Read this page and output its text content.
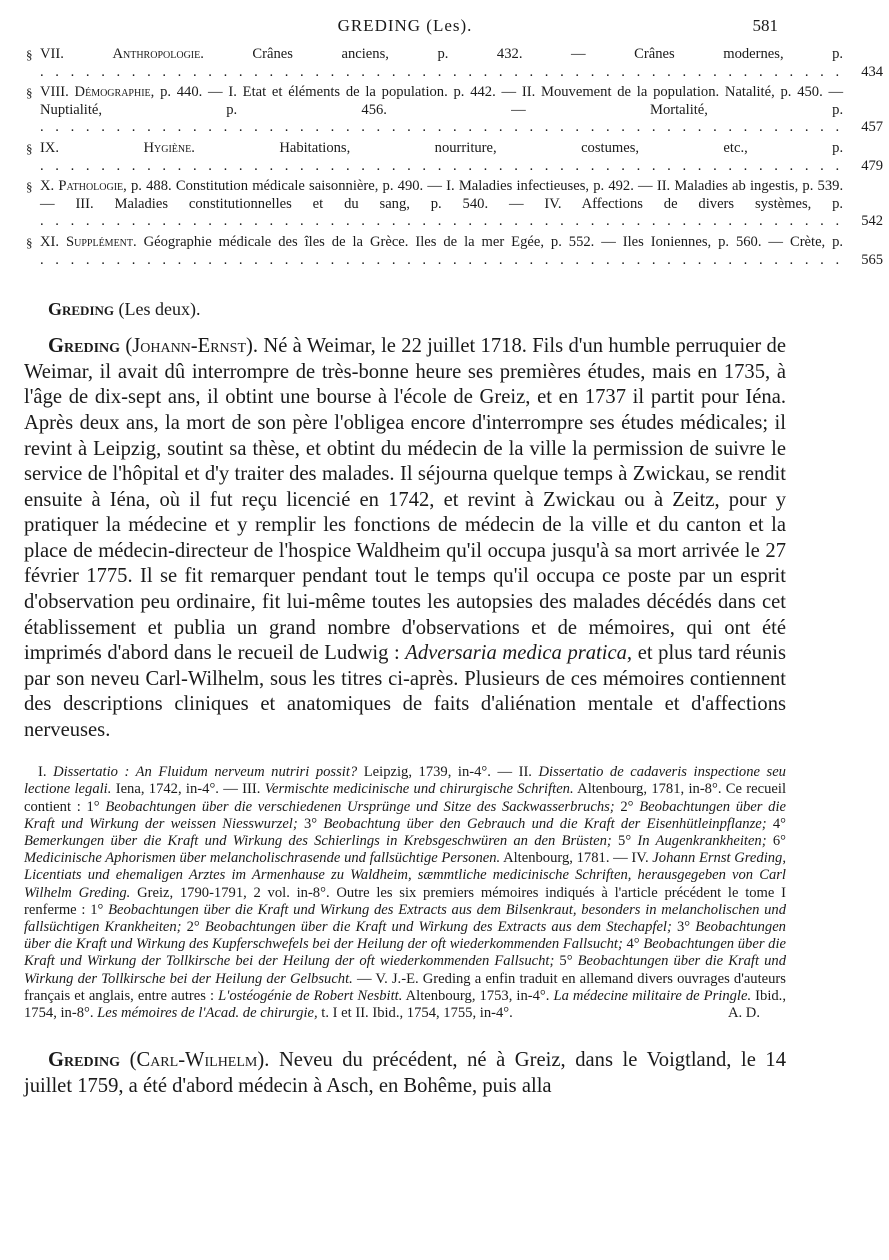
GREDING (Les).	581
§ VII.	Anthropologie.	Crânes anciens, p. 432. — Crânes modernes, p. . . . . . . . . . . . . . . . . . . . . . . . . . . . . . . . . . . . . . . . . . . . . . . . . . . . . .	434
§ VIII. Démographie, p. 440. — I. Etat et éléments de la population. p. 442. — II. Mouvement de la population. Natalité, p. 450. — Nuptialité, p. 456. — Mortalité, p. . . . . . . . . . . . . . . . . . . . . . . . . . . . . . . . . . . . . . . . . . . . . . . . . . . . . .	457
§ IX.	Hygiène.	Habitations, nourriture, costumes, etc., p. . . . . . . . . . . . . . . . . . . . . . . . . . . . . . . . . . . . . . . . . . . . . . . . . . . . . .	479
§ X. Pathologie, p. 488. Constitution médicale saisonnière, p. 490. — I. Maladies infectieuses, p. 492. — II. Maladies ab ingestis, p. 539. — III. Maladies constitutionnelles et du sang, p. 540. — IV. Affections de divers systèmes, p. . . . . . . . . . . . . . . . . . . . . . . . . . . . . . . . . . . . . . . . . . . . . . . . . . . . . .	542
§ XI. Supplément. Géographie médicale des îles de la Grèce. Iles de la mer Egée, p. 552. — Iles Ioniennes, p. 560. — Crète, p. . . . . . . . . . . . . . . . . . . . . . . . . . . . . . . . . . . . . . . . . . . . . . . . . . . . . .	565
Greding (Les deux).

Greding (Johann-Ernst). Né à Weimar, le 22 juillet 1718. Fils d'un humble perruquier de Weimar, il avait dû interrompre de très-bonne heure ses premières études, mais en 1735, à l'âge de dix-sept ans, il obtint une bourse à l'école de Greiz, et en 1737 il partit pour Iéna. Après deux ans, la mort de son père l'obligea encore d'interrompre ses études médicales; il revint à Leipzig, soutint sa thèse, et obtint du médecin de la ville la permission de suivre le service de l'hôpital et d'y traiter des malades. Il séjourna quelque temps à Zwickau, se rendit ensuite à Iéna, où il fut reçu licencié en 1742, et revint à Zwickau ou à Zeitz, pour y pratiquer la médecine et y remplir les fonctions de médecin de la ville et du canton et la place de médecin-directeur de l'hospice Waldheim qu'il occupa jusqu'à sa mort arrivée le 27 février 1775. Il se fit remarquer pendant tout le temps qu'il occupa ce poste par un esprit d'observation peu ordinaire, fit lui-même toutes les autopsies des malades décédés dans cet établissement et publia un grand nombre d'observations et de mémoires, qui ont été imprimés d'abord dans le recueil de Ludwig : Adversaria medica pratica, et plus tard réunis par son neveu Carl-Wilhelm, sous les titres ci-après. Plusieurs de ces mémoires contiennent des descriptions cliniques et anatomiques de faits d'aliénation mentale et d'affections nerveuses.

I. Dissertatio : An Fluidum nerveum nutriri possit? Leipzig, 1739, in-4°. — II. Dissertatio de cadaveris inspectione seu lectione legali. Iena, 1742, in-4°. — III. Vermischte medicinische und chirurgische Schriften. Altenbourg, 1781, in-8°. Ce recueil contient : 1° Beobachtungen über die verschiedenen Ursprünge und Sitze des Sackwasserbruchs; 2° Beobachtungen über die Kraft und Wirkung der weissen Niesswurzel; 3° Beobachtung über den Gebrauch und die Kraft der Eisenhütleinpflanze; 4° Bemerkungen über die Kraft und Wirkung des Schierlings in Krebsgeschwüren an den Brüsten; 5° In Augenkrankheiten; 6° Medicinische Aphorismen über melancholischrasende und fallsüchtige Personen. Altenbourg, 1781. — IV. Johann Ernst Greding, Licentiats und ehemaligen Arztes im Armenhause zu Waldheim, sæmmtliche medicinische Schriften, herausgegeben von Carl Wilhelm Greding. Greiz, 1790-1791, 2 vol. in-8°. Outre les six premiers mémoires indiqués à l'article précédent le tome I renferme : 1° Beobachtungen über die Kraft und Wirkung des Extracts aus dem Bilsenkraut, besonders in melancholischen und fallsüchtigen Krankheiten; 2° Beobachtungen über die Kraft und Wirkung des Extracts aus dem Stechapfel; 3° Beobachtungen über die Kraft und Wirkung des Kupferschwefels bei der Heilung der oft wiederkommenden Fallsucht; 4° Beobachtungen über die Kraft und Wirkung der Tollkirsche bei der Heilung der oft wiederkommenden Fallsucht; 5° Beobachtungen über die Kraft und Wirkung der Tollkirsche bei der Heilung der Gelbsucht. — V. J.-E. Greding a enfin traduit en allemand divers ouvrages d'auteurs français et anglais, entre autres : L'ostéogénie de Robert Nesbitt. Altenbourg, 1753, in-4°. La médecine militaire de Pringle. Ibid., 1754, in-8°. Les mémoires de l'Acad. de chirurgie, t. I et II. Ibid., 1754, 1755, in-4°.	A. D.

Greding (Carl-Wilhelm). Neveu du précédent, né à Greiz, dans le Voigtland, le 14 juillet 1759, a été d'abord médecin à Asch, en Bohême, puis alla
